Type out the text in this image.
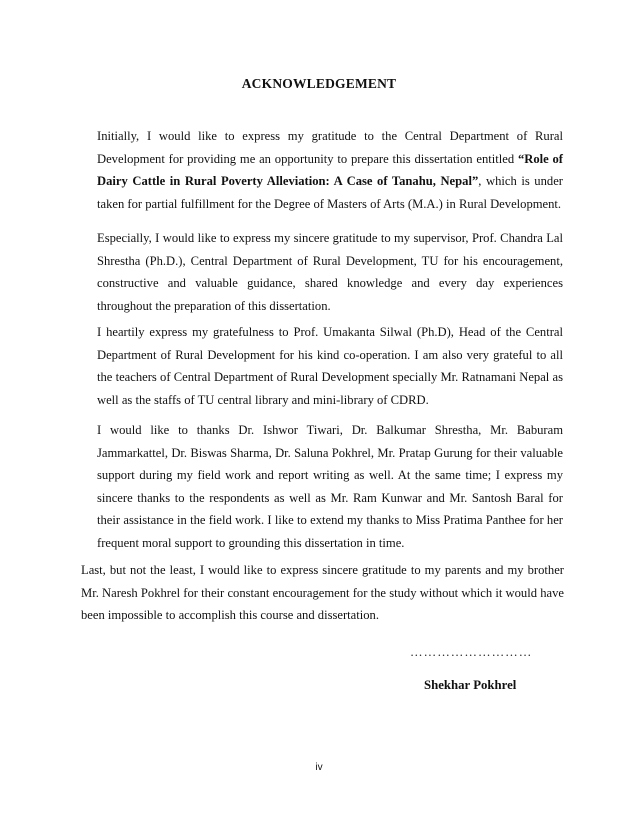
ACKNOWLEDGEMENT
Initially, I would like to express my gratitude to the Central Department of Rural Development for providing me an opportunity to prepare this dissertation entitled “Role of Dairy Cattle in Rural Poverty Alleviation: A Case of Tanahu, Nepal”, which is under taken for partial fulfillment for the Degree of Masters of Arts (M.A.) in Rural Development.
Especially, I would like to express my sincere gratitude to my supervisor, Prof. Chandra Lal Shrestha (Ph.D.), Central Department of Rural Development, TU for his encouragement, constructive and valuable guidance, shared knowledge and every day experiences throughout the preparation of this dissertation.
I heartily express my gratefulness to Prof. Umakanta Silwal (Ph.D), Head of the Central Department of Rural Development for his kind co-operation. I am also very grateful to all the teachers of Central Department of Rural Development specially Mr. Ratnamani Nepal as well as the staffs of TU central library and mini-library of CDRD.
I would like to thanks Dr. Ishwor Tiwari, Dr. Balkumar Shrestha, Mr. Baburam Jammarkattel, Dr. Biswas Sharma, Dr. Saluna Pokhrel, Mr. Pratap Gurung for their valuable support during my field work and report writing as well. At the same time; I express my sincere thanks to the respondents as well as Mr. Ram Kunwar and Mr. Santosh Baral for their assistance in the field work. I like to extend my thanks to Miss Pratima Panthee for her frequent moral support to grounding this dissertation in time.
Last, but not the least, I would like to express sincere gratitude to my parents and my brother Mr. Naresh Pokhrel for their constant encouragement for the study without which it would have been impossible to accomplish this course and dissertation.
………………………
Shekhar Pokhrel
iv
